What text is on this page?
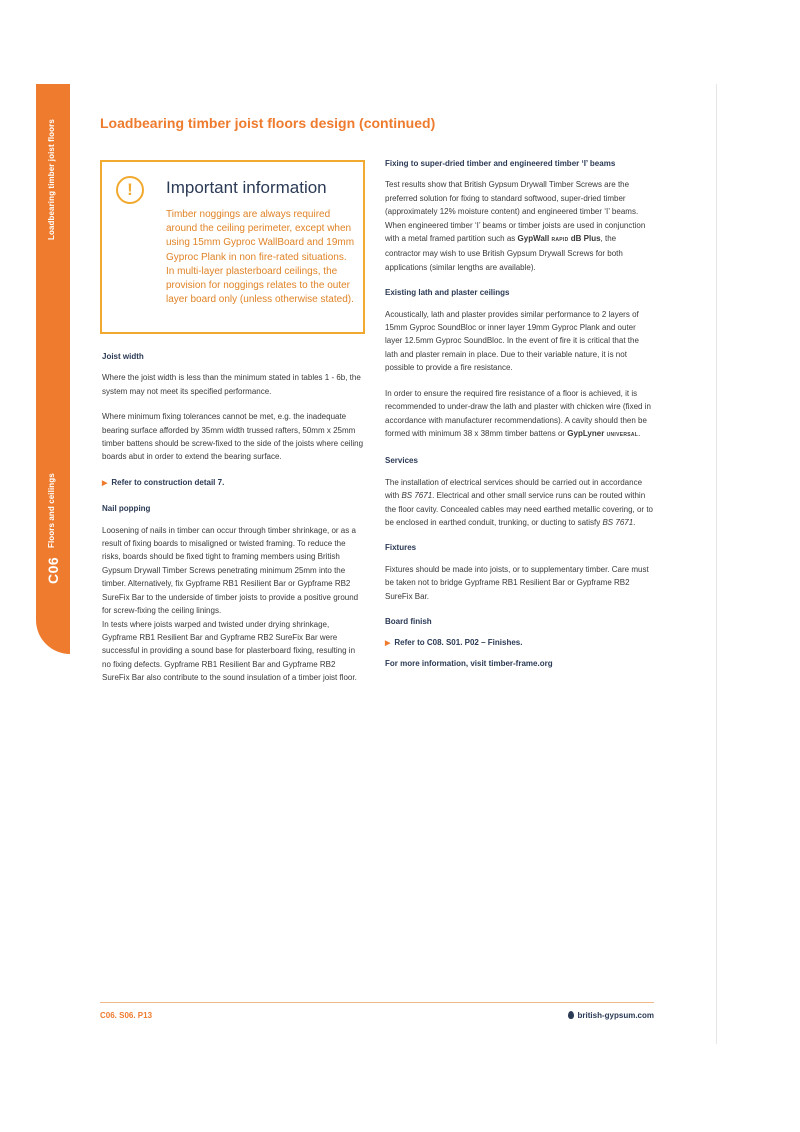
Loadbearing timber joist floors
Floors and ceilings
C06
Loadbearing timber joist floors design (continued)
!	Important information

Timber noggings are always required around the ceiling perimeter, except when using 15mm Gyproc WallBoard and 19mm Gyproc Plank in non fire-rated situations. In multi-layer plasterboard ceilings, the provision for noggings relates to the outer layer board only (unless otherwise stated).

Joist width

Where the joist width is less than the minimum stated in tables 1 - 6b, the system may not meet its specified performance.

Where minimum fixing tolerances cannot be met, e.g. the inadequate bearing surface afforded by 35mm width trussed rafters, 50mm x 25mm timber battens should be screw-fixed to the side of the joists where ceiling boards abut in order to extend the bearing surface.

▶ Refer to construction detail 7.

Nail popping

Loosening of nails in timber can occur through timber shrinkage, or as a result of fixing boards to misaligned or twisted framing. To reduce the risks, boards should be fixed tight to framing members using British Gypsum Drywall Timber Screws penetrating minimum 25mm into the timber. Alternatively, fix Gypframe RB1 Resilient Bar or Gypframe RB2 SureFix Bar to the underside of timber joists to provide a positive ground for screw-fixing the ceiling linings.

In tests where joists warped and twisted under drying shrinkage, Gypframe RB1 Resilient Bar and Gypframe RB2 SureFix Bar were successful in providing a sound base for plasterboard fixing, resulting in no fixing defects. Gypframe RB1 Resilient Bar and Gypframe RB2 SureFix Bar also contribute to the sound insulation of a timber joist floor.

Fixing to super-dried timber and engineered timber ‘I’ beams

Test results show that British Gypsum Drywall Timber Screws are the preferred solution for fixing to standard softwood, super-dried timber (approximately 12% moisture content) and engineered timber ‘I’ beams. When engineered timber ‘I’ beams or timber joists are used in conjunction with a metal framed partition such as GypWall RAPID dB Plus, the contractor may wish to use British Gypsum Drywall Screws for both applications (similar lengths are available).

Existing lath and plaster ceilings

Acoustically, lath and plaster provides similar performance to 2 layers of 15mm Gyproc SoundBloc or inner layer 19mm Gyproc Plank and outer layer 12.5mm Gyproc SoundBloc. In the event of fire it is critical that the lath and plaster remain in place. Due to their variable nature, it is not possible to provide a fire resistance.

In order to ensure the required fire resistance of a floor is achieved, it is recommended to under-draw the lath and plaster with chicken wire (fixed in accordance with manufacturer recommendations). A cavity should then be formed with minimum 38 x 38mm timber battens or GypLyner UNIVERSAL.

Services

The installation of electrical services should be carried out in accordance with BS 7671. Electrical and other small service runs can be routed within the floor cavity. Concealed cables may need earthed metallic covering, or to be enclosed in earthed conduit, trunking, or ducting to satisfy BS 7671.

Fixtures

Fixtures should be made into joists, or to supplementary timber. Care must be taken not to bridge Gypframe RB1 Resilient Bar or Gypframe RB2 SureFix Bar.

Board finish

▶ Refer to C08. S01. P02 – Finishes.

For more information, visit timber-frame.org

C06. S06. P13	british-gypsum.com
